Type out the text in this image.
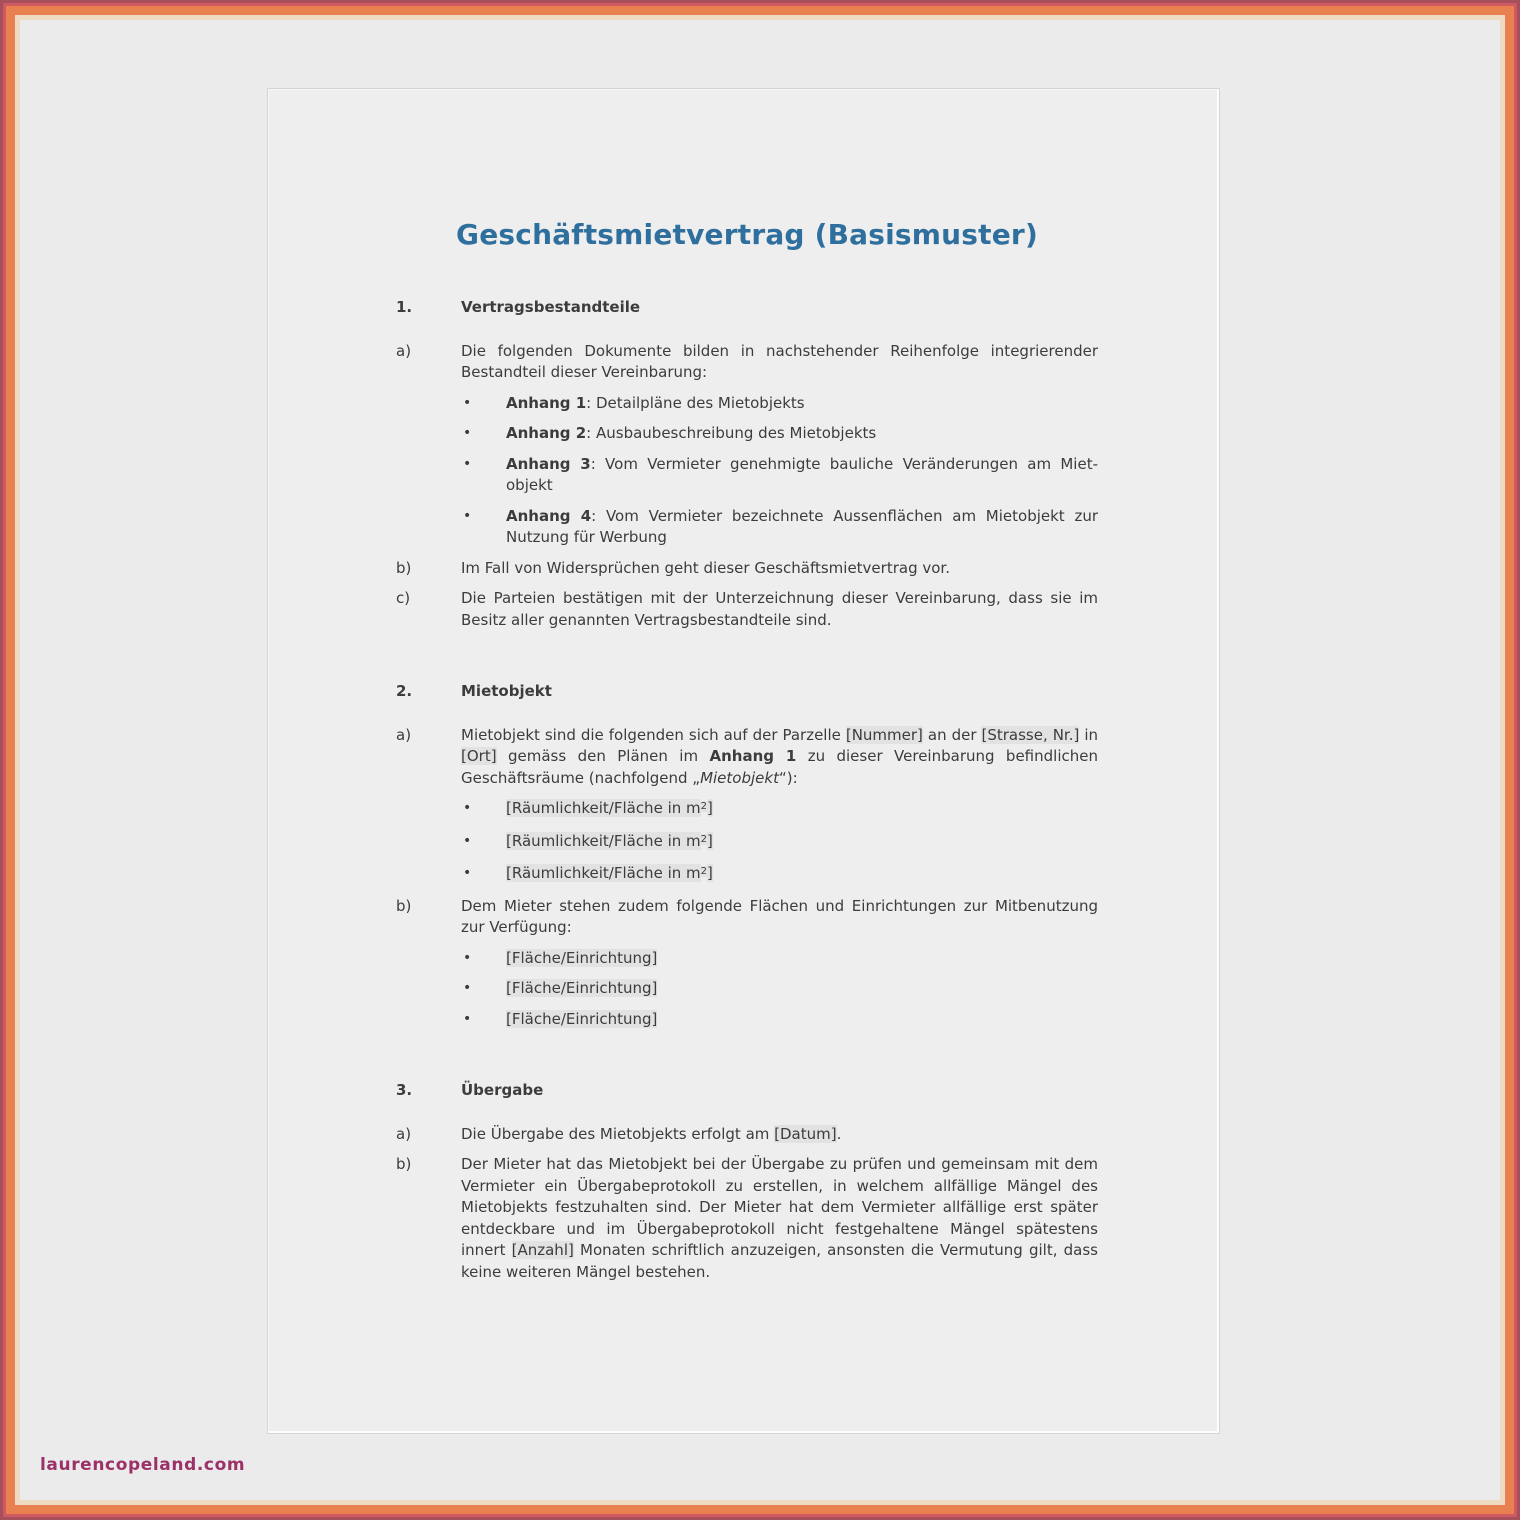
Geschäftsmietvertrag (Basismuster)
1.	Vertragsbestandteile
a)	Die folgenden Dokumente bilden in nachstehender Reihenfolge integrierender Bestandteil dieser Vereinbarung:

•	Anhang 1: Detailpläne des Mietobjekts

•	Anhang 2: Ausbaubeschreibung des Mietobjekts

•	Anhang 3: Vom Vermieter genehmigte bauliche Veränderungen am Mietobjekt

•	Anhang 4: Vom Vermieter bezeichnete Aussenflächen am Mietobjekt zur Nutzung für Werbung

b)	Im Fall von Widersprüchen geht dieser Geschäftsmietvertrag vor.

c)	Die Parteien bestätigen mit der Unterzeichnung dieser Vereinbarung, dass sie im Besitz aller genannten Vertragsbestandteile sind.

2.	Mietobjekt
a)	Mietobjekt sind die folgenden sich auf der Parzelle [Nummer] an der [Strasse, Nr.] in [Ort] gemäss den Plänen im Anhang 1 zu dieser Vereinbarung befindlichen Geschäftsräume (nachfolgend „Mietobjekt“):

•	[Räumlichkeit/Fläche in $m^2$]

•	[Räumlichkeit/Fläche in $m^2$]

•	[Räumlichkeit/Fläche in $m^2$]

b)	Dem Mieter stehen zudem folgende Flächen und Einrichtungen zur Mitbenutzung zur Verfügung:

•	[Fläche/Einrichtung]

•	[Fläche/Einrichtung]

•	[Fläche/Einrichtung]

3.	Übergabe
a)	Die Übergabe des Mietobjekts erfolgt am [Datum].

b)	Der Mieter hat das Mietobjekt bei der Übergabe zu prüfen und gemeinsam mit dem Vermieter ein Übergabeprotokoll zu erstellen, in welchem allfällige Mängel des Mietobjekts festzuhalten sind. Der Mieter hat dem Vermieter allfällige erst später entdeckbare und im Übergabeprotokoll nicht festgehaltene Mängel spätestens innert [Anzahl] Monaten schriftlich anzuzeigen, ansonsten die Vermutung gilt, dass keine weiteren Mängel bestehen.

laurencopeland.com
